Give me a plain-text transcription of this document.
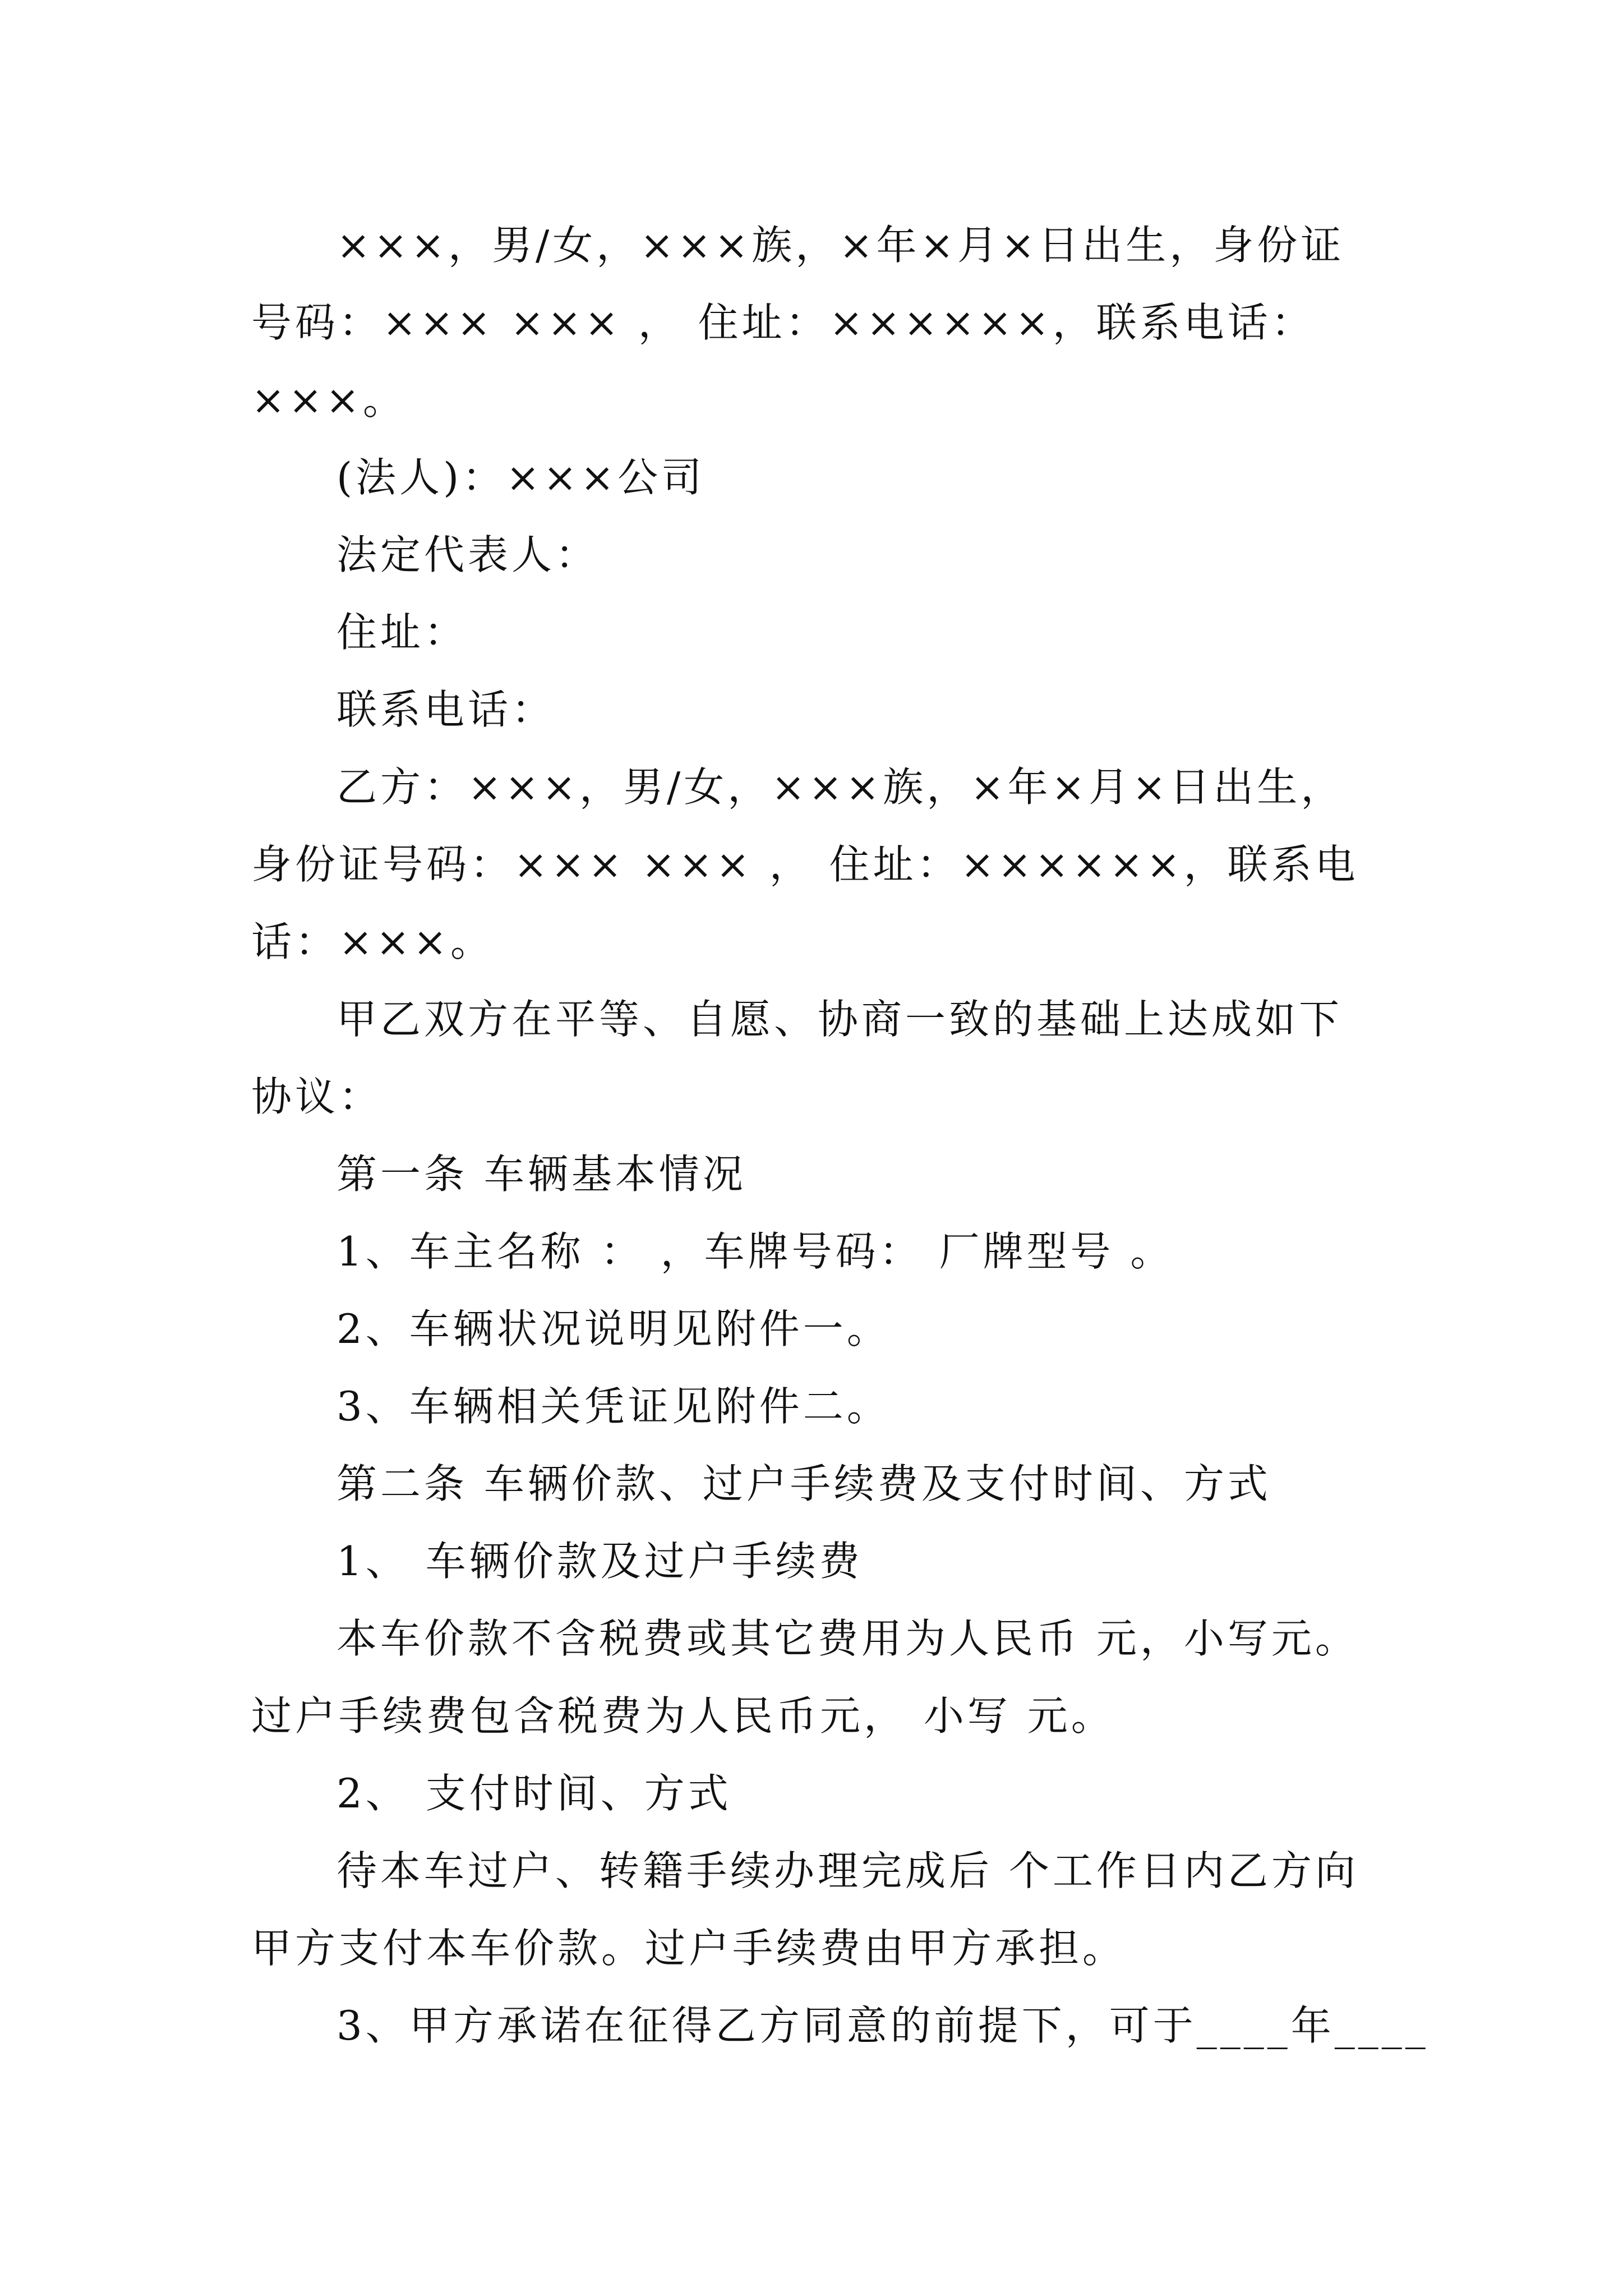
×××，男/女，×××族，×年×月×日出生，身份证号码：××× ××× ， 住址：××××××，联系电话：×××。
(法人)：×××公司
法定代表人：
住址：
联系电话：
乙方：×××，男/女，×××族，×年×月×日出生，身份证号码：××× ××× ， 住址：××××××，联系电话：×××。
甲乙双方在平等、自愿、协商一致的基础上达成如下协议：
第一条 车辆基本情况
1、车主名称 ： ，车牌号码： 厂牌型号 。
2、车辆状况说明见附件一。
3、车辆相关凭证见附件二。
第二条 车辆价款、过户手续费及支付时间、方式
1、 车辆价款及过户手续费
本车价款不含税费或其它费用为人民币 元，小写元。过户手续费包含税费为人民币元， 小写 元。
2、 支付时间、方式
待本车过户、转籍手续办理完成后 个工作日内乙方向甲方支付本车价款。过户手续费由甲方承担。
3、甲方承诺在征得乙方同意的前提下，可于____年____
